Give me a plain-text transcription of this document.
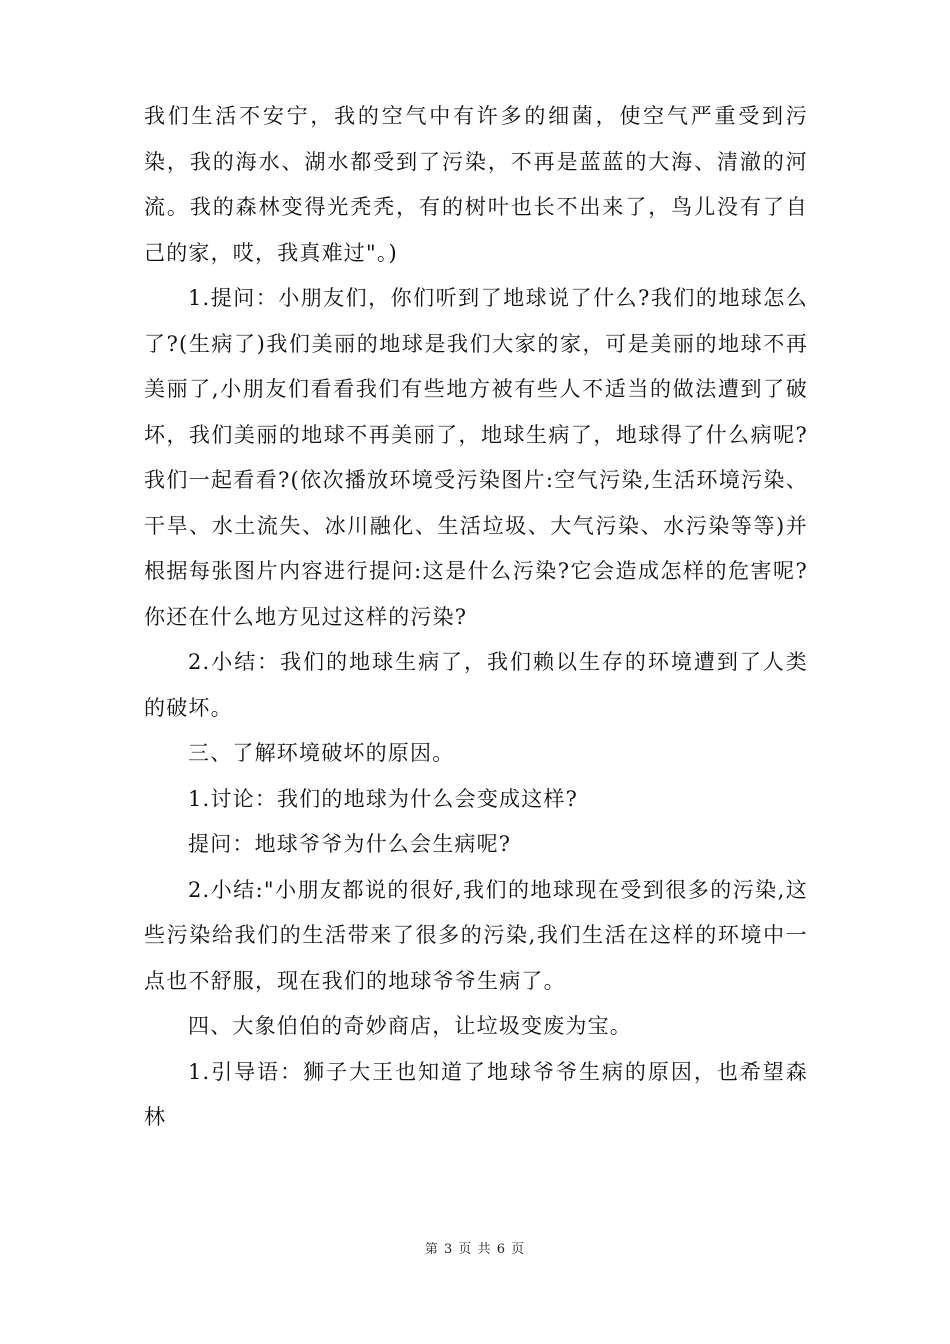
我们生活不安宁，我的空气中有许多的细菌，使空气严重受到污染，我的海水、湖水都受到了污染，不再是蓝蓝的大海、清澈的河流。我的森林变得光秃秃，有的树叶也长不出来了，鸟儿没有了自己的家，哎，我真难过"。)

1.提问：小朋友们，你们听到了地球说了什么?我们的地球怎么了?(生病了)我们美丽的地球是我们大家的家，可是美丽的地球不再美丽了,小朋友们看看我们有些地方被有些人不适当的做法遭到了破坏，我们美丽的地球不再美丽了，地球生病了，地球得了什么病呢?我们一起看看?(依次播放环境受污染图片:空气污染,生活环境污染、干旱、水土流失、冰川融化、生活垃圾、大气污染、水污染等等)并根据每张图片内容进行提问:这是什么污染?它会造成怎样的危害呢?你还在什么地方见过这样的污染?

2.小结：我们的地球生病了，我们赖以生存的环境遭到了人类的破坏。

三、了解环境破坏的原因。

1.讨论：我们的地球为什么会变成这样?

提问：地球爷爷为什么会生病呢?

2.小结:"小朋友都说的很好,我们的地球现在受到很多的污染,这些污染给我们的生活带来了很多的污染,我们生活在这样的环境中一点也不舒服，现在我们的地球爷爷生病了。

四、大象伯伯的奇妙商店，让垃圾变废为宝。

1.引导语：狮子大王也知道了地球爷爷生病的原因，也希望森林

第 3 页 共 6 页
